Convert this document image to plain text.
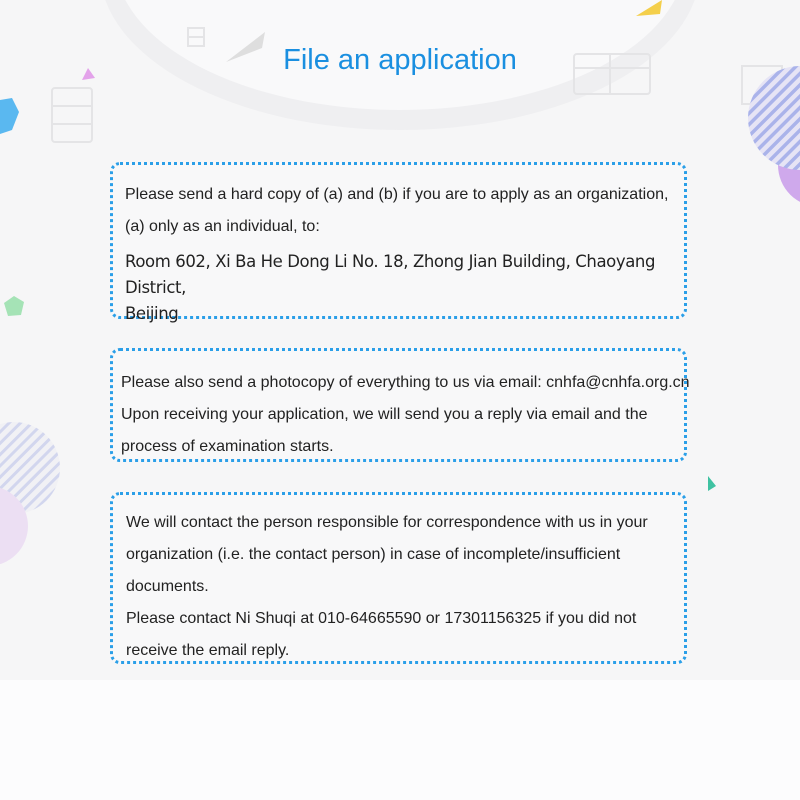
File an application
Please send a hard copy of (a) and (b) if you are to apply as an organization,
(a) only as an individual, to:
Room 602, Xi Ba He Dong Li No. 18, Zhong Jian Building, Chaoyang District,
Beijing
Please also send a photocopy of everything to us via email: cnhfa@cnhfa.org.cn
Upon receiving your application, we will send you a reply via email and the
process of examination starts.
We will contact the person responsible for correspondence with us in your
organization (i.e. the contact person) in case of incomplete/insufficient
documents.
Please contact Ni Shuqi at 010-64665590 or 17301156325 if you did not
receive the email reply.
